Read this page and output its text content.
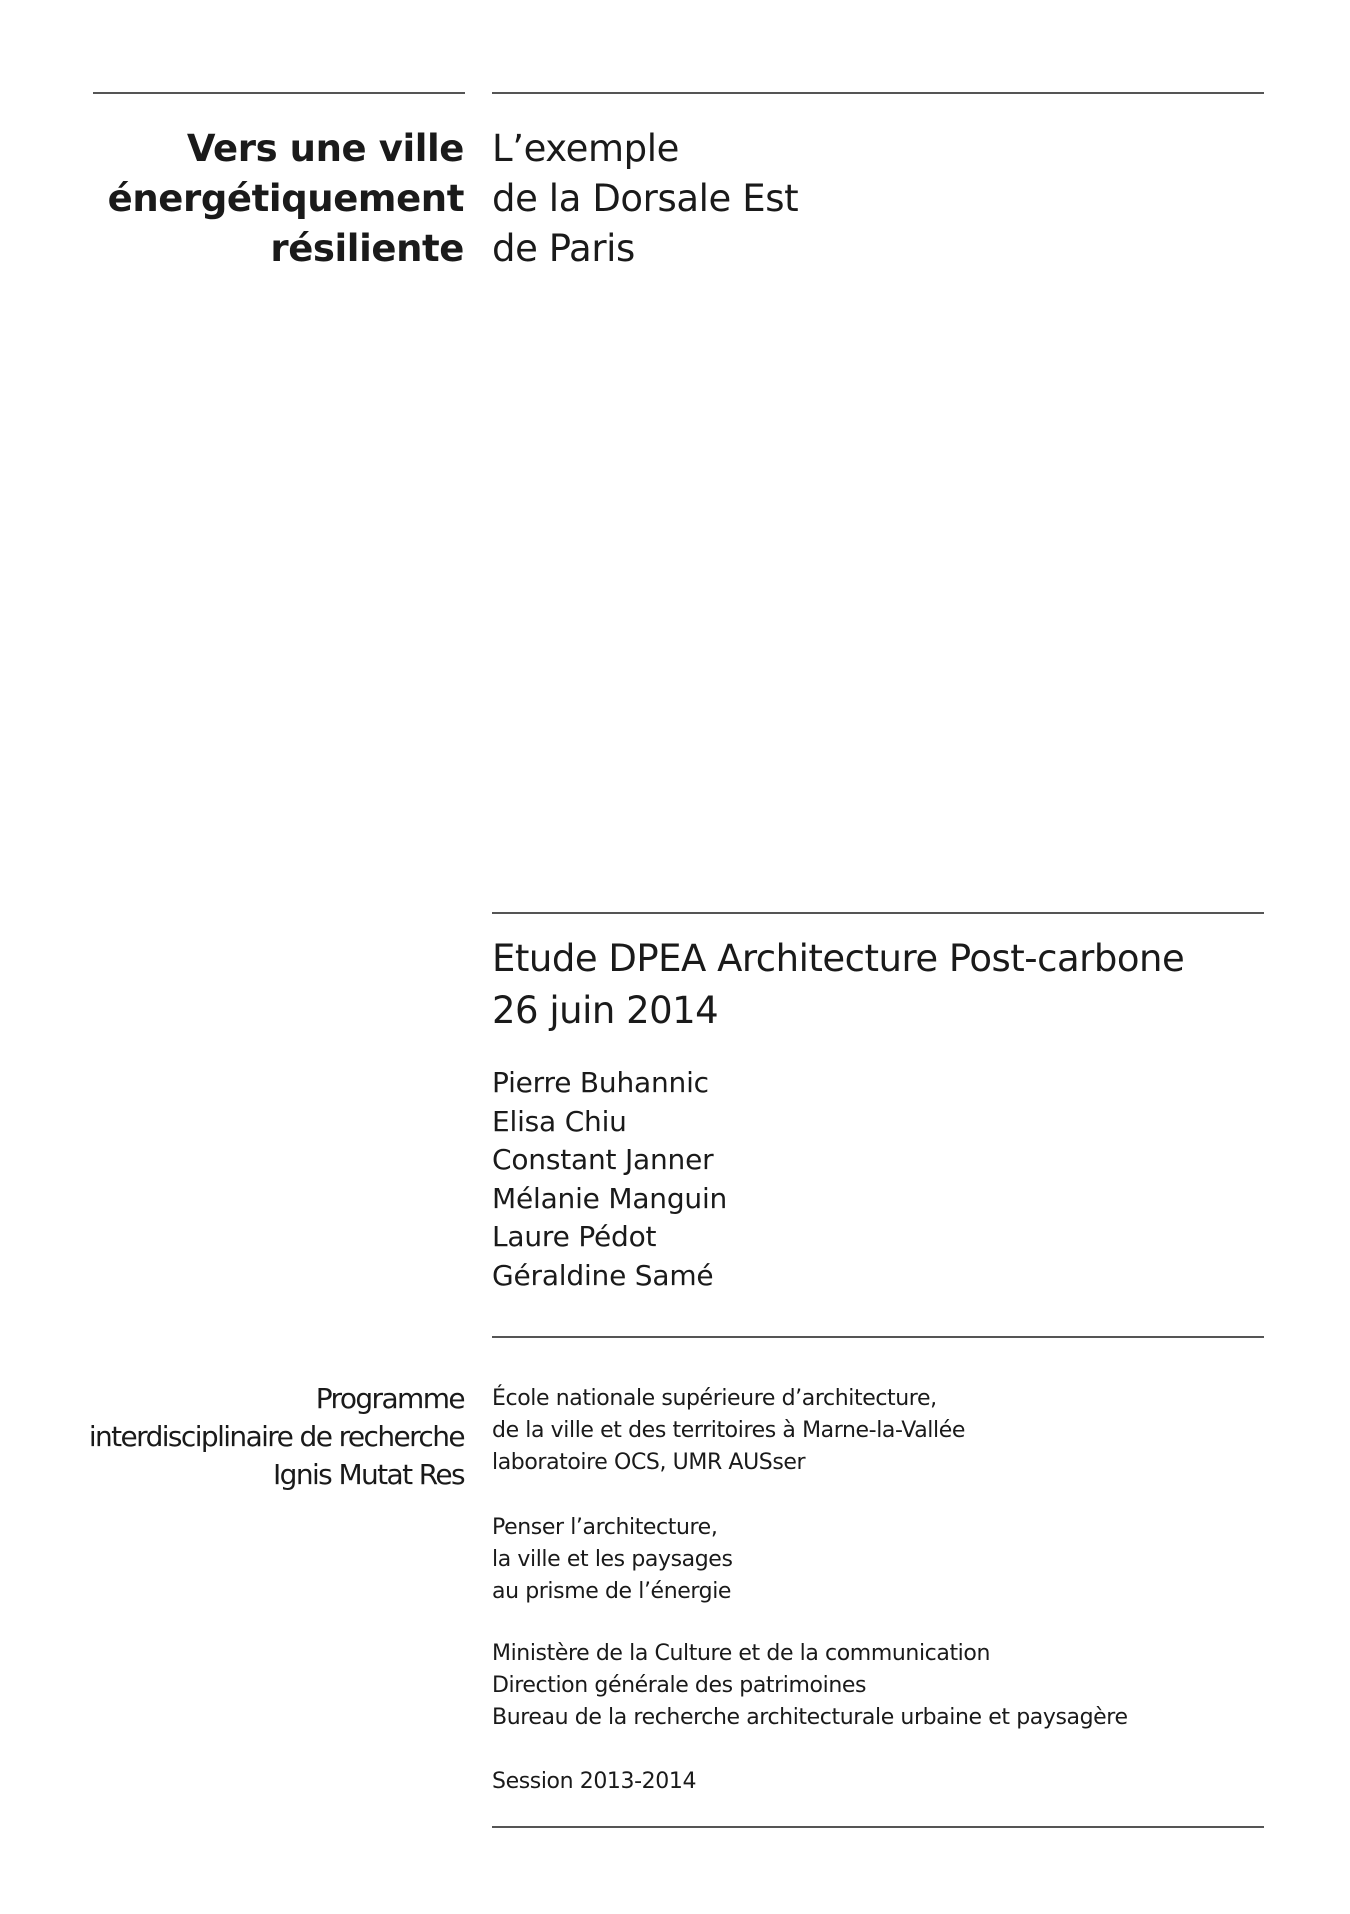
Vers une ville
énergétiquement
résiliente
L’exemple
de la Dorsale Est
de Paris
Etude DPEA Architecture Post-carbone
26 juin 2014
Pierre Buhannic
Elisa Chiu
Constant Janner
Mélanie Manguin
Laure Pédot
Géraldine Samé
Programme
interdisciplinaire de recherche
Ignis Mutat Res
École nationale supérieure d’architecture,
de la ville et des territoires à Marne-la-Vallée
laboratoire OCS, UMR AUSser
Penser l’architecture,
la ville et les paysages
au prisme de l’énergie
Ministère de la Culture et de la communication
Direction générale des patrimoines
Bureau de la recherche architecturale urbaine et paysagère
Session 2013-2014
